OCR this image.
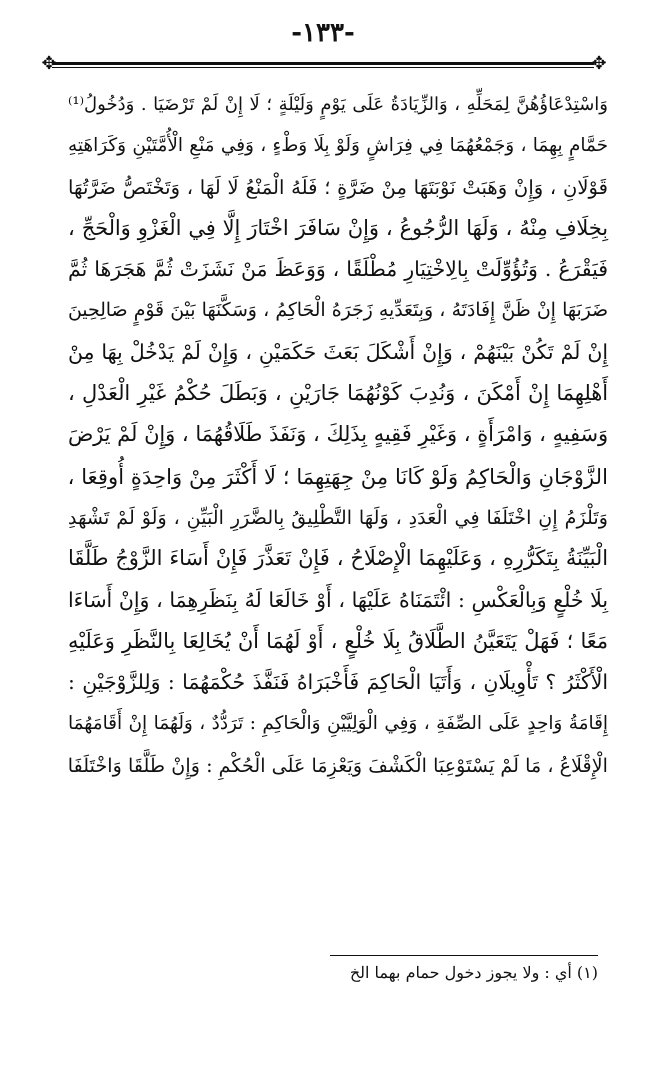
-١٣٣-
✥	✥
وَاسْتِدْعَاؤُهُنَّ لِمَحَلِّهِ ، وَالزِّيَادَةُ عَلَى يَوْمٍ وَلَيْلَةٍ ؛ لَا إِنْ لَمْ تَرْضَيَا . وَدُخُولُ⁽¹⁾
حَمَّامٍ بِهِمَا ، وَجَمْعُهُمَا فِي فِرَاشٍ وَلَوْ بِلَا وَطْءٍ ، وَفِي مَنْعِ الْأُمَّتَيْنِ وَكَرَاهَتِهِ
قَوْلَانِ ، وَإِنْ وَهَبَتْ نَوْبَتَهَا مِنْ ضَرَّةٍ ؛ فَلَهُ الْمَنْعُ لَا لَهَا ، وَتَخْتَصُّ ضَرَّتُهَا
بِخِلَافِ مِنْهُ ، وَلَهَا الرُّجُوعُ ، وَإِنْ سَافَرَ اخْتَارَ إِلَّا فِي الْغَزْوِ وَالْحَجِّ ،
فَيَقْرَعُ . وَتُؤُوِّلَتْ بِالِاخْتِيَارِ مُطْلَقًا ، وَوَعَظَ مَنْ نَشَزَتْ ثُمَّ هَجَرَهَا ثُمَّ
ضَرَبَهَا إِنْ ظَنَّ إِفَادَتَهُ ، وَبِتَعَدِّيهِ زَجَرَهُ الْحَاكِمُ ، وَسَكَّنَهَا بَيْنَ قَوْمٍ صَالِحِينَ
إِنْ لَمْ تَكُنْ بَيْنَهُمْ ، وَإِنْ أَشْكَلَ بَعَثَ حَكَمَيْنِ ، وَإِنْ لَمْ يَدْخُلْ بِهَا مِنْ
أَهْلِهِمَا إِنْ أَمْكَنَ ، وَنُدِبَ كَوْنُهُمَا جَارَيْنِ ، وَبَطَلَ حُكْمُ غَيْرِ الْعَدْلِ ،
وَسَفِيهٍ ، وَامْرَأَةٍ ، وَغَيْرِ فَقِيهٍ بِذَلِكَ ، وَنَفَذَ طَلَاقُهُمَا ، وَإِنْ لَمْ يَرْضَ
الزَّوْجَانِ وَالْحَاكِمُ وَلَوْ كَانَا مِنْ جِهَتِهِمَا ؛ لَا أَكْثَرَ مِنْ وَاحِدَةٍ أُوقِعَا ،
وَتَلْزَمُ إِنِ اخْتَلَفَا فِي الْعَدَدِ ، وَلَهَا التَّطْلِيقُ بِالضَّرَرِ الْبَيِّنِ ، وَلَوْ لَمْ تَشْهَدِ
الْبَيِّنَةُ بِتَكَرُّرِهِ ، وَعَلَيْهِمَا الْإِصْلَاحُ ، فَإِنْ تَعَذَّرَ فَإِنْ أَسَاءَ الزَّوْجُ طَلَّقَا
بِلَا خُلْعٍ وَبِالْعَكْسِ : ائْتَمَنَاهُ عَلَيْهَا ، أَوْ خَالَعَا لَهُ بِنَظَرِهِمَا ، وَإِنْ أَسَاءَا
مَعًا ؛ فَهَلْ يَتَعَيَّنُ الطَّلَاقُ بِلَا خُلْعٍ ، أَوْ لَهُمَا أَنْ يُخَالِعَا بِالنَّظَرِ وَعَلَيْهِ
الْأَكْثَرُ ؟ تَأْوِيلَانِ ، وَأَتَيَا الْحَاكِمَ فَأَخْبَرَاهُ فَنَفَّذَ حُكْمَهُمَا : وَلِلزَّوْجَيْنِ :
إِقَامَةُ وَاحِدٍ عَلَى الصِّفَةِ ، وَفِي الْوَلِيَّيْنِ وَالْحَاكِمِ : تَرَدُّدٌ ، وَلَهُمَا إِنْ أَقَامَهُمَا
الْإِقْلَاعُ ، مَا لَمْ يَسْتَوْعِبَا الْكَشْفَ وَيَعْزِمَا عَلَى الْحُكْمِ : وَإِنْ طَلَّقَا وَاخْتَلَفَا
(١) أي : ولا يجوز دخول حمام بهما الخ
